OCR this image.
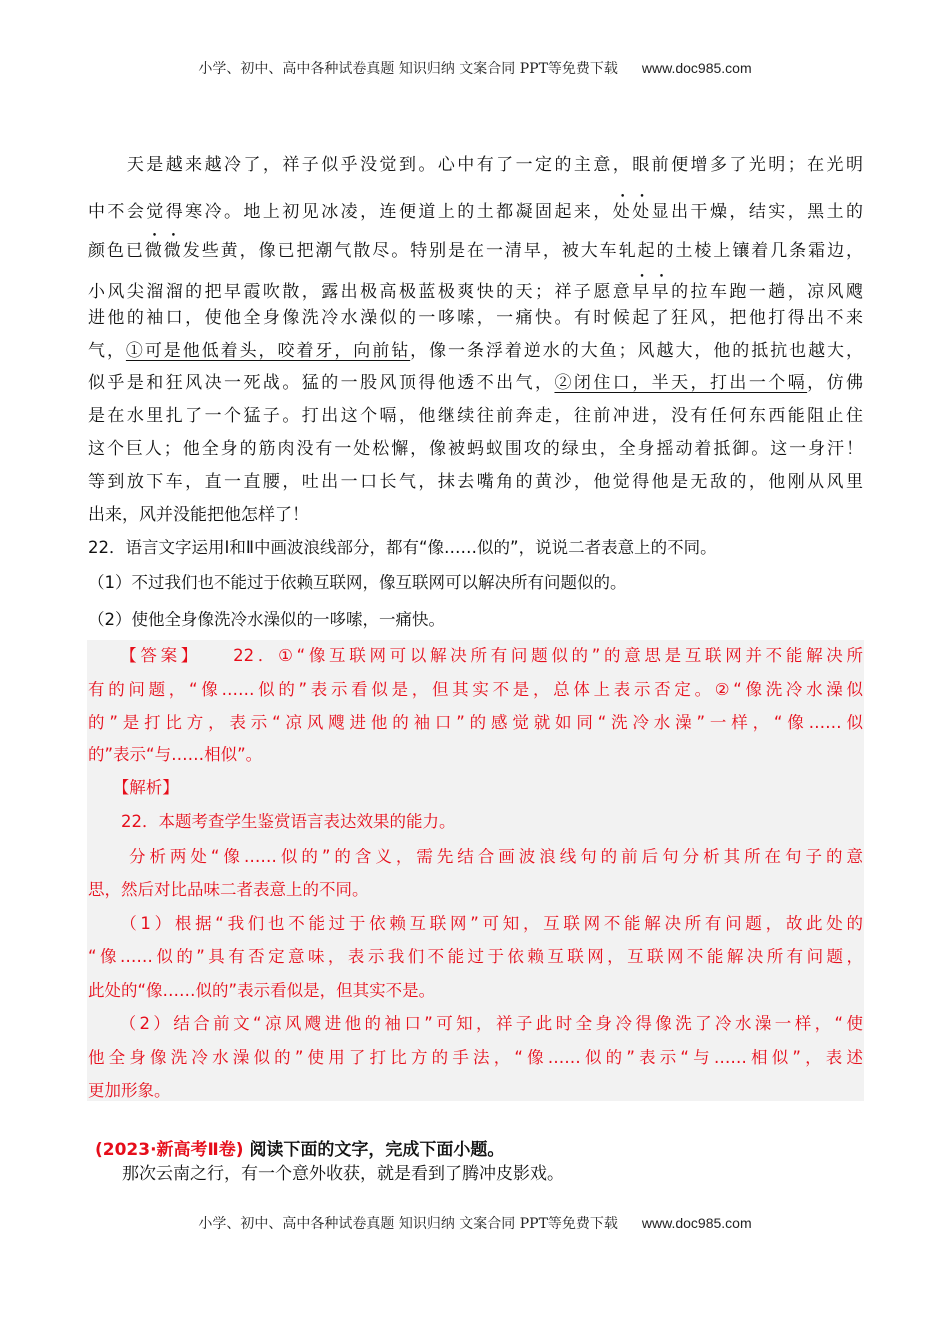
小学、初中、高中各种试卷真题 知识归纳 文案合同 PPT等免费下载 www.doc985.com
　　天是越来越冷了，祥子似乎没觉到。心中有了一定的主意，眼前便增多了光明；在光明
中不会觉得寒冷。地上初见冰凌，连便道上的土都凝固起来，处处显出干燥，结实，黑土的
颜色已微微发些黄，像已把潮气散尽。特别是在一清早，被大车轧起的土棱上镶着几条霜边，
小风尖溜溜的把早霞吹散，露出极高极蓝极爽快的天；祥子愿意早早的拉车跑一趟，凉风飕
进他的袖口，使他全身像洗冷水澡似的一哆嗦，一痛快。有时候起了狂风，把他打得出不来
气，①可是他低着头，咬着牙，向前钻，像一条浮着逆水的大鱼；风越大，他的抵抗也越大，
似乎是和狂风决一死战。猛的一股风顶得他透不出气，②闭住口，半天，打出一个嗝，仿佛
是在水里扎了一个猛子。打出这个嗝，他继续往前奔走，往前冲进，没有任何东西能阻止住
这个巨人；他全身的筋肉没有一处松懈，像被蚂蚁围攻的绿虫，全身摇动着抵御。这一身汗！
等到放下车，直一直腰，吐出一口长气，抹去嘴角的黄沙，他觉得他是无敌的，他刚从风里
出来，风并没能把他怎样了！
22．语言文字运用Ⅰ和Ⅱ中画波浪线部分，都有“像……似的”，说说二者表意上的不同。
（1）不过我们也不能过于依赖互联网，像互联网可以解决所有问题似的。
（2）使他全身像洗冷水澡似的一哆嗦，一痛快。
　　【答案】　　22．①“像互联网可以解决所有问题似的”的意思是互联网并不能解决所
有的问题，“像……似的”表示看似是，但其实不是，总体上表示否定。②“像洗冷水澡似
的”是打比方，表示“凉风飕进他的袖口”的感觉就如同“洗冷水澡”一样，“像……似
的”表示“与……相似”。
　　【解析】
　　22．本题考查学生鉴赏语言表达效果的能力。
　　分析两处“像……似的”的含义，需先结合画波浪线句的前后句分析其所在句子的意
思，然后对比品味二者表意上的不同。
　　（1）根据“我们也不能过于依赖互联网”可知，互联网不能解决所有问题，故此处的
“像……似的”具有否定意味，表示我们不能过于依赖互联网，互联网不能解决所有问题，
此处的“像……似的”表示看似是，但其实不是。
　　（2）结合前文“凉风飕进他的袖口”可知，祥子此时全身冷得像洗了冷水澡一样，“使
他全身像洗冷水澡似的”使用了打比方的手法，“像……似的”表示“与……相似”，表述
更加形象。
(2023·新高考Ⅱ卷) 阅读下面的文字，完成下面小题。
　　那次云南之行，有一个意外收获，就是看到了腾冲皮影戏。
小学、初中、高中各种试卷真题 知识归纳 文案合同 PPT等免费下载 www.doc985.com
